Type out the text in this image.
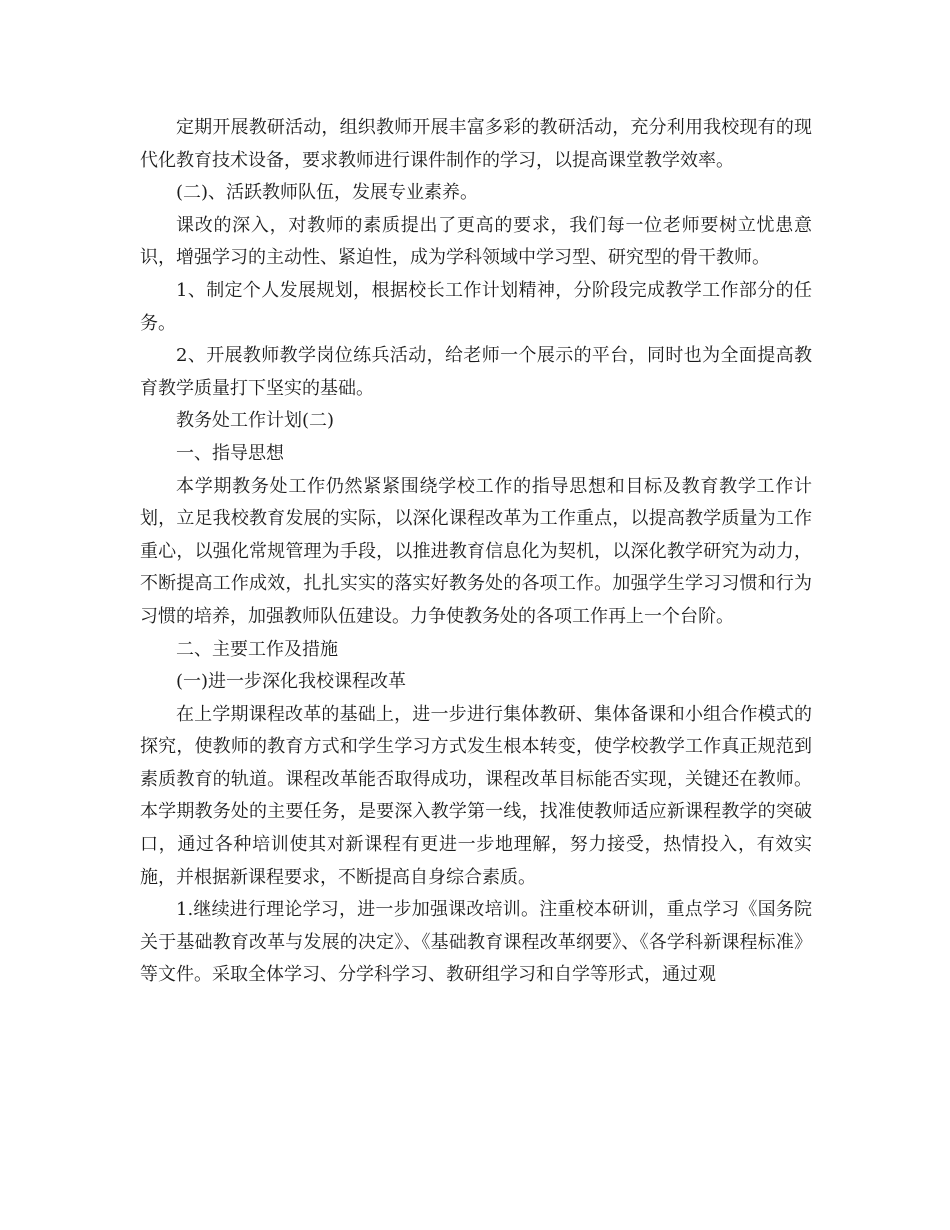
定期开展教研活动，组织教师开展丰富多彩的教研活动，充分利用我校现有的现代化教育技术设备，要求教师进行课件制作的学习，以提高课堂教学效率。

(二)、活跃教师队伍，发展专业素养。

课改的深入，对教师的素质提出了更高的要求，我们每一位老师要树立忧患意识，增强学习的主动性、紧迫性，成为学科领域中学习型、研究型的骨干教师。

1、制定个人发展规划，根据校长工作计划精神，分阶段完成教学工作部分的任务。

2、开展教师教学岗位练兵活动，给老师一个展示的平台，同时也为全面提高教育教学质量打下坚实的基础。

教务处工作计划(二)

一、指导思想

本学期教务处工作仍然紧紧围绕学校工作的指导思想和目标及教育教学工作计划，立足我校教育发展的实际，以深化课程改革为工作重点，以提高教学质量为工作重心，以强化常规管理为手段，以推进教育信息化为契机，以深化教学研究为动力，不断提高工作成效，扎扎实实的落实好教务处的各项工作。加强学生学习习惯和行为习惯的培养，加强教师队伍建设。力争使教务处的各项工作再上一个台阶。

二、主要工作及措施

(一)进一步深化我校课程改革

在上学期课程改革的基础上，进一步进行集体教研、集体备课和小组合作模式的探究，使教师的教育方式和学生学习方式发生根本转变，使学校教学工作真正规范到素质教育的轨道。课程改革能否取得成功，课程改革目标能否实现，关键还在教师。本学期教务处的主要任务，是要深入教学第一线，找准使教师适应新课程教学的突破口，通过各种培训使其对新课程有更进一步地理解，努力接受，热情投入，有效实施，并根据新课程要求，不断提高自身综合素质。

1.继续进行理论学习，进一步加强课改培训。注重校本研训，重点学习《国务院关于基础教育改革与发展的决定》、《基础教育课程改革纲要》、《各学科新课程标准》等文件。采取全体学习、分学科学习、教研组学习和自学等形式，通过观
